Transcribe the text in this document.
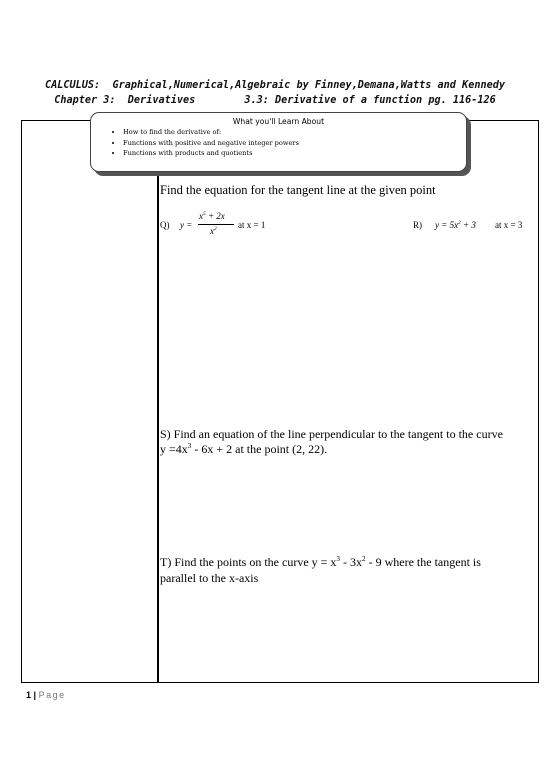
CALCULUS:  Graphical,Numerical,Algebraic by Finney,Demana,Watts and Kennedy
Chapter 3:  Derivatives        3.3: Derivative of a function pg. 116-126
What you'll Learn About
• How to find the derivative of:
• Functions with positive and negative integer powers
• Functions with products and quotients
Find the equation for the tangent line at the given point
Q) y =
$x^5 + 2x$
$x^2$ at x = 1	R) $y = 5x^2 + 3$ at x = 3
S) Find an equation of the line perpendicular to the tangent to the curve
$y =4x^3 - 6x + 2$ at the point (2, 22).
T) Find the points on the curve $y = x^3 - 3x^2 - 9$ where the tangent is
parallel to the x-axis
1 | Page
